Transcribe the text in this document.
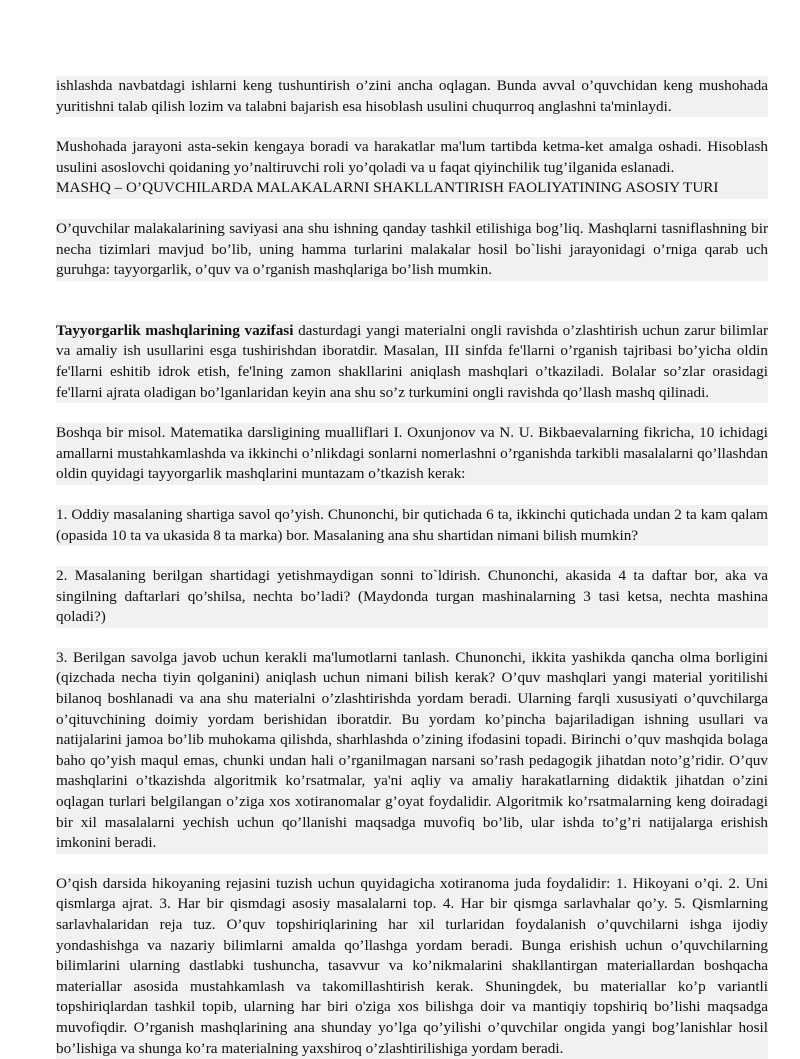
ishlashda navbatdagi ishlarni keng tushuntirish o’zini ancha oqlagan. Bunda avval o’quvchidan keng mushohada yuritishni talab qilish lozim va talabni bajarish esa hisoblash usulini chuqurroq anglashni ta'minlaydi.

Mushohada jarayoni asta-sekin kengaya boradi va harakatlar ma'lum tartibda ketma-ket amalga oshadi. Hisoblash usulini asoslovchi qoidaning yo’naltiruvchi roli yo’qoladi va u faqat qiyinchilik tug’ilganida eslanadi.
MASHQ – O’QUVCHILARDA MALAKALARNI SHAKLLANTIRISH FAOLIYATINING ASOSIY TURI

O’quvchilar malakalarining saviyasi ana shu ishning qanday tashkil etilishiga bog’liq. Mashqlarni tasniflashning bir necha tizimlari mavjud bo’lib, uning hamma turlarini malakalar hosil bo`lishi jarayonidagi o’rniga qarab uch guruhga: tayyorgarlik, o’quv va o’rganish mashqlariga bo’lish mumkin.

Tayyorgarlik mashqlarining vazifasi dasturdagi yangi materialni ongli ravishda o’zlashtirish uchun zarur bilimlar va amaliy ish usullarini esga tushirishdan iboratdir. Masalan, III sinfda fe'llarni o’rganish tajribasi bo’yicha oldin fe'llarni eshitib idrok etish, fe'lning zamon shakllarini aniqlash mashqlari o’tkaziladi. Bolalar so’zlar orasidagi fe'llarni ajrata oladigan bo’lganlaridan keyin ana shu so’z turkumini ongli ravishda qo’llash mashq qilinadi.

Boshqa bir misol. Matematika darsligining mualliflari I. Oxunjonov va N. U. Bikbaevalarning fikricha, 10 ichidagi amallarni mustahkamlashda va ikkinchi o’nlikdagi sonlarni nomerlashni o’rganishda tarkibli masalalarni qo’llashdan oldin quyidagi tayyorgarlik mashqlarini muntazam o’tkazish kerak:

1. Oddiy masalaning shartiga savol qo’yish. Chunonchi, bir qutichada 6 ta, ikkinchi qutichada undan 2 ta kam qalam (opasida 10 ta va ukasida 8 ta marka) bor. Masalaning ana shu shartidan nimani bilish mumkin?

2. Masalaning berilgan shartidagi yetishmaydigan sonni to`ldirish. Chunonchi, akasida 4 ta daftar bor, aka va singilning daftarlari qo’shilsa, nechta bo’ladi? (Maydonda turgan mashinalarning 3 tasi ketsa, nechta mashina qoladi?)

3. Berilgan savolga javob uchun kerakli ma'lumotlarni tanlash. Chunonchi, ikkita yashikda qancha olma borligini (qizchada necha tiyin qolganini) aniqlash uchun nimani bilish kerak? O’quv mashqlari yangi material yoritilishi bilanoq boshlanadi va ana shu materialni o’zlashtirishda yordam beradi. Ularning farqli xususiyati o’quvchilarga o’qituvchining doimiy yordam berishidan iboratdir. Bu yordam ko’pincha bajariladigan ishning usullari va natijalarini jamoa bo’lib muhokama qilishda, sharhlashda o’zining ifodasini topadi. Birinchi o’quv mashqida bolaga baho qo’yish maqul emas, chunki undan hali o’rganilmagan narsani so’rash pedagogik jihatdan noto’g’ridir. O’quv mashqlarini o’tkazishda algoritmik ko’rsatmalar, ya'ni aqliy va amaliy harakatlarning didaktik jihatdan o’zini oqlagan turlari belgilangan o’ziga xos xotiranomalar g’oyat foydalidir. Algoritmik ko’rsatmalarning keng doiradagi bir xil masalalarni yechish uchun qo’llanishi maqsadga muvofiq bo’lib, ular ishda to’g’ri natijalarga erishish imkonini beradi.

O’qish darsida hikoyaning rejasini tuzish uchun quyidagicha xotiranoma juda foydalidir: 1. Hikoyani o’qi. 2. Uni qismlarga ajrat. 3. Har bir qismdagi asosiy masalalarni top. 4. Har bir qismga sarlavhalar qo’y. 5. Qismlarning sarlavhalaridan reja tuz. O’quv topshiriqlarining har xil turlaridan foydalanish o’quvchilarni ishga ijodiy yondashishga va nazariy bilimlarni amalda qo’llashga yordam beradi. Bunga erishish uchun o’quvchilarning bilimlarini ularning dastlabki tushuncha, tasavvur va ko’nikmalarini shakllantirgan materiallardan boshqacha materiallar asosida mustahkamlash va takomillashtirish kerak. Shuningdek, bu materiallar ko’p variantli topshiriqlardan tashkil topib, ularning har biri o'ziga xos bilishga doir va mantiqiy topshiriq bo’lishi maqsadga muvofiqdir. O’rganish mashqlarining ana shunday yo’lga qo’yilishi o’quvchilar ongida yangi bog’lanishlar hosil bo’lishiga va shunga ko’ra materialning yaxshiroq o’zlashtirilishiga yordam beradi.
